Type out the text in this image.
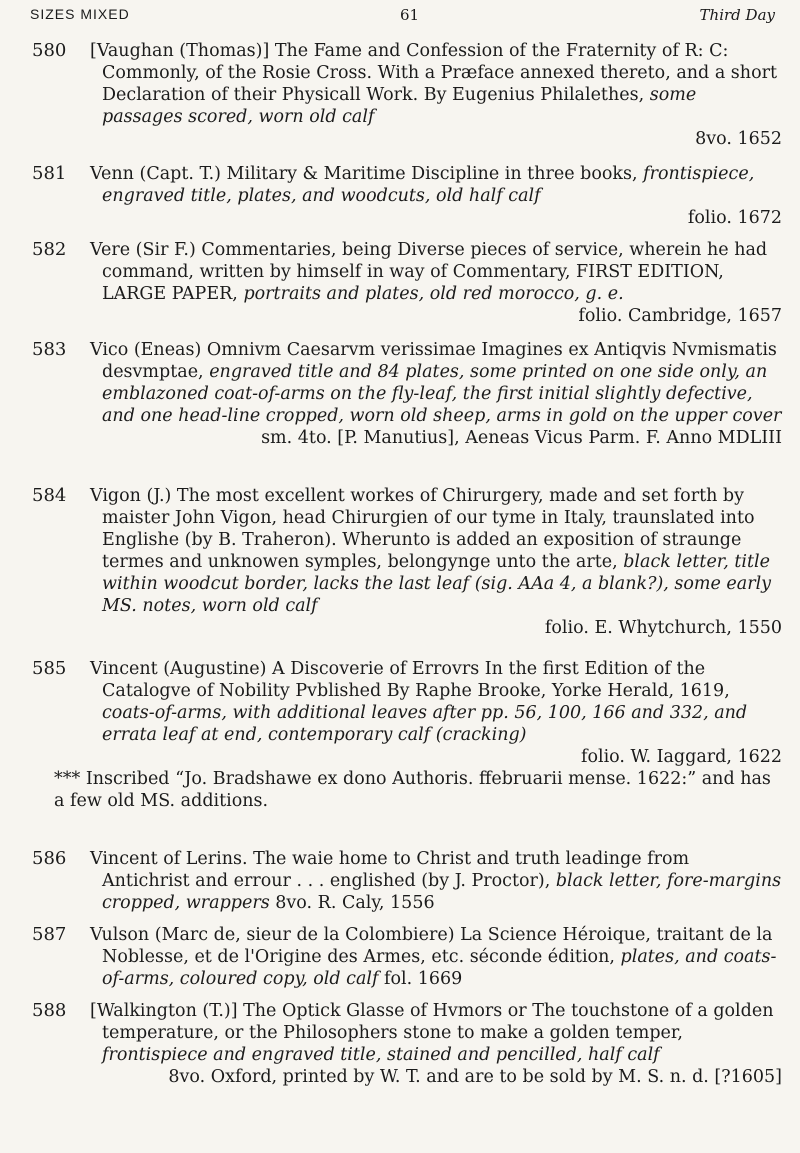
SIZES MIXED	61	Third Day
580	[Vaughan (Thomas)] The Fame and Confession of the Fraternity of R: C: Commonly, of the Rosie Cross. With a Præface annexed thereto, and a short Declaration of their Physicall Work. By Eugenius Philalethes, some passages scored, worn old calf
8vo. 1652
581	Venn (Capt. T.) Military & Maritime Discipline in three books, frontispiece, engraved title, plates, and woodcuts, old half calf
folio. 1672
582	Vere (Sir F.) Commentaries, being Diverse pieces of service, wherein he had command, written by himself in way of Commentary, FIRST EDITION, LARGE PAPER, portraits and plates, old red morocco, g. e.
folio. Cambridge, 1657
583	Vico (Eneas) Omnivm Caesarvm verissimae Imagines ex Antiqvis Nvmismatis desvmptae, engraved title and 84 plates, some printed on one side only, an emblazoned coat-of-arms on the fly-leaf, the first initial slightly defective, and one head-line cropped, worn old sheep, arms in gold on the upper cover
sm. 4to. [P. Manutius], Aeneas Vicus Parm. F. Anno MDLIII
584	Vigon (J.) The most excellent workes of Chirurgery, made and set forth by maister John Vigon, head Chirurgien of our tyme in Italy, traunslated into Englishe (by B. Traheron). Wherunto is added an exposition of straunge termes and unknowen symples, belongynge unto the arte, black letter, title within woodcut border, lacks the last leaf (sig. AAa 4, a blank?), some early MS. notes, worn old calf
folio. E. Whytchurch, 1550
585	Vincent (Augustine) A Discoverie of Errovrs In the first Edition of the Catalogve of Nobility Pvblished By Raphe Brooke, Yorke Herald, 1619, coats-of-arms, with additional leaves after pp. 56, 100, 166 and 332, and errata leaf at end, contemporary calf (cracking)
folio. W. Iaggard, 1622
*** Inscribed “Jo. Bradshawe ex dono Authoris. ffebruarii mense. 1622:” and has a few old MS. additions.
586	Vincent of Lerins. The waie home to Christ and truth leadinge from Antichrist and errour . . . englished (by J. Proctor), black letter, fore-margins cropped, wrappers 8vo. R. Caly, 1556
587	Vulson (Marc de, sieur de la Colombiere) La Science Héroique, traitant de la Noblesse, et de l'Origine des Armes, etc. séconde édition, plates, and coats-of-arms, coloured copy, old calf fol. 1669
588	[Walkington (T.)] The Optick Glasse of Hvmors or The touchstone of a golden temperature, or the Philosophers stone to make a golden temper, frontispiece and engraved title, stained and pencilled, half calf
8vo. Oxford, printed by W. T. and are to be sold by M. S. n. d. [?1605]
